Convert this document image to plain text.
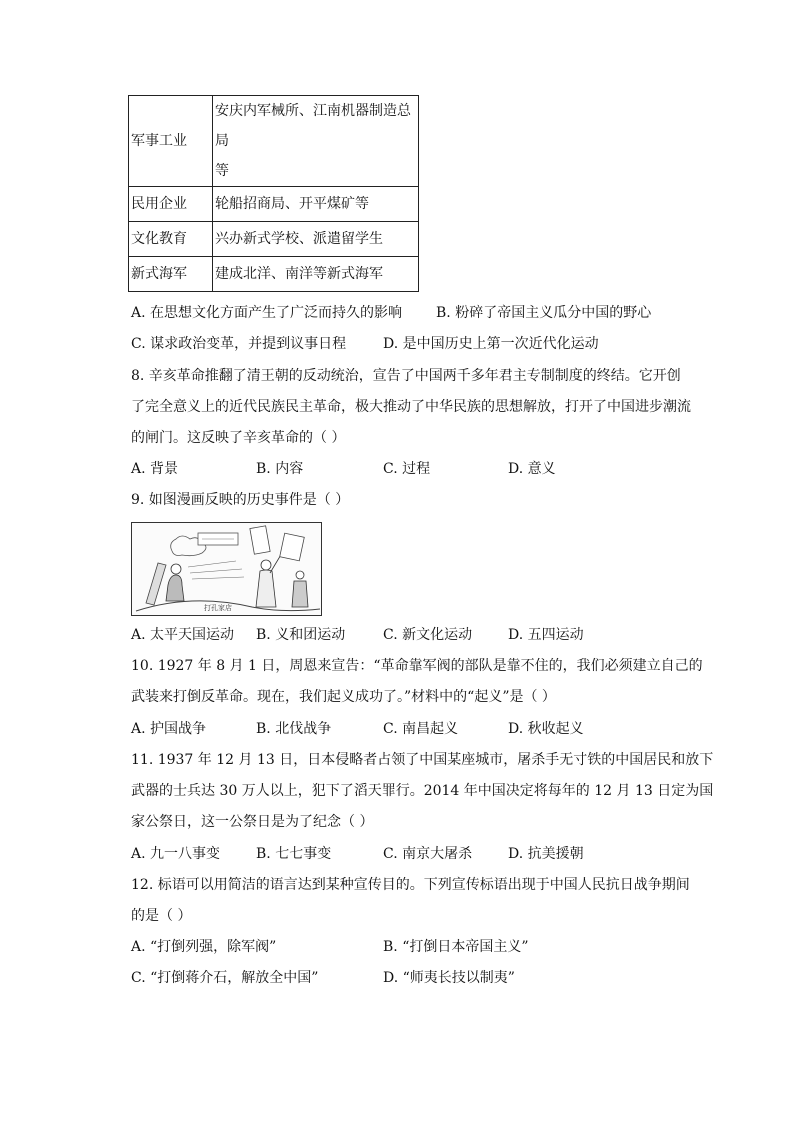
军事工业	安庆内军械所、江南机器制造总局
等
民用企业	轮船招商局、开平煤矿等
文化教育	兴办新式学校、派遣留学生
新式海军	建成北洋、南洋等新式海军
A. 在思想文化方面产生了广泛而持久的影响 B. 粉碎了帝国主义瓜分中国的野心
C. 谋求政治变革，并提到议事日程	D. 是中国历史上第一次近代化运动
8. 辛亥革命推翻了清王朝的反动统治，宣告了中国两千多年君主专制制度的终结。它开创
了完全意义上的近代民族民主革命，极大推动了中华民族的思想解放，打开了中国进步潮流
的闸门。这反映了辛亥革命的（ ）
A. 背景	B. 内容	C. 过程	D. 意义
9. 如图漫画反映的历史事件是（ ）
打孔家店
A. 太平天国运动 B. 义和团运动	C. 新文化运动	D. 五四运动
10. 1927 年 8 月 1 日，周恩来宣告：“革命靠军阀的部队是靠不住的，我们必须建立自己的
武装来打倒反革命。现在，我们起义成功了。”材料中的“起义”是（ ）
A. 护国战争	B. 北伐战争	C. 南昌起义	D. 秋收起义
11. 1937 年 12 月 13 日，日本侵略者占领了中国某座城市，屠杀手无寸铁的中国居民和放下
武器的士兵达 30 万人以上，犯下了滔天罪行。2014 年中国决定将每年的 12 月 13 日定为国
家公祭日，这一公祭日是为了纪念（ ）
A. 九一八事变	B. 七七事变	C. 南京大屠杀	D. 抗美援朝
12. 标语可以用简洁的语言达到某种宣传目的。下列宣传标语出现于中国人民抗日战争期间
的是（ ）
A. “打倒列强，除军阀”	B. “打倒日本帝国主义”
C. “打倒蒋介石，解放全中国”	D. “师夷长技以制夷”
